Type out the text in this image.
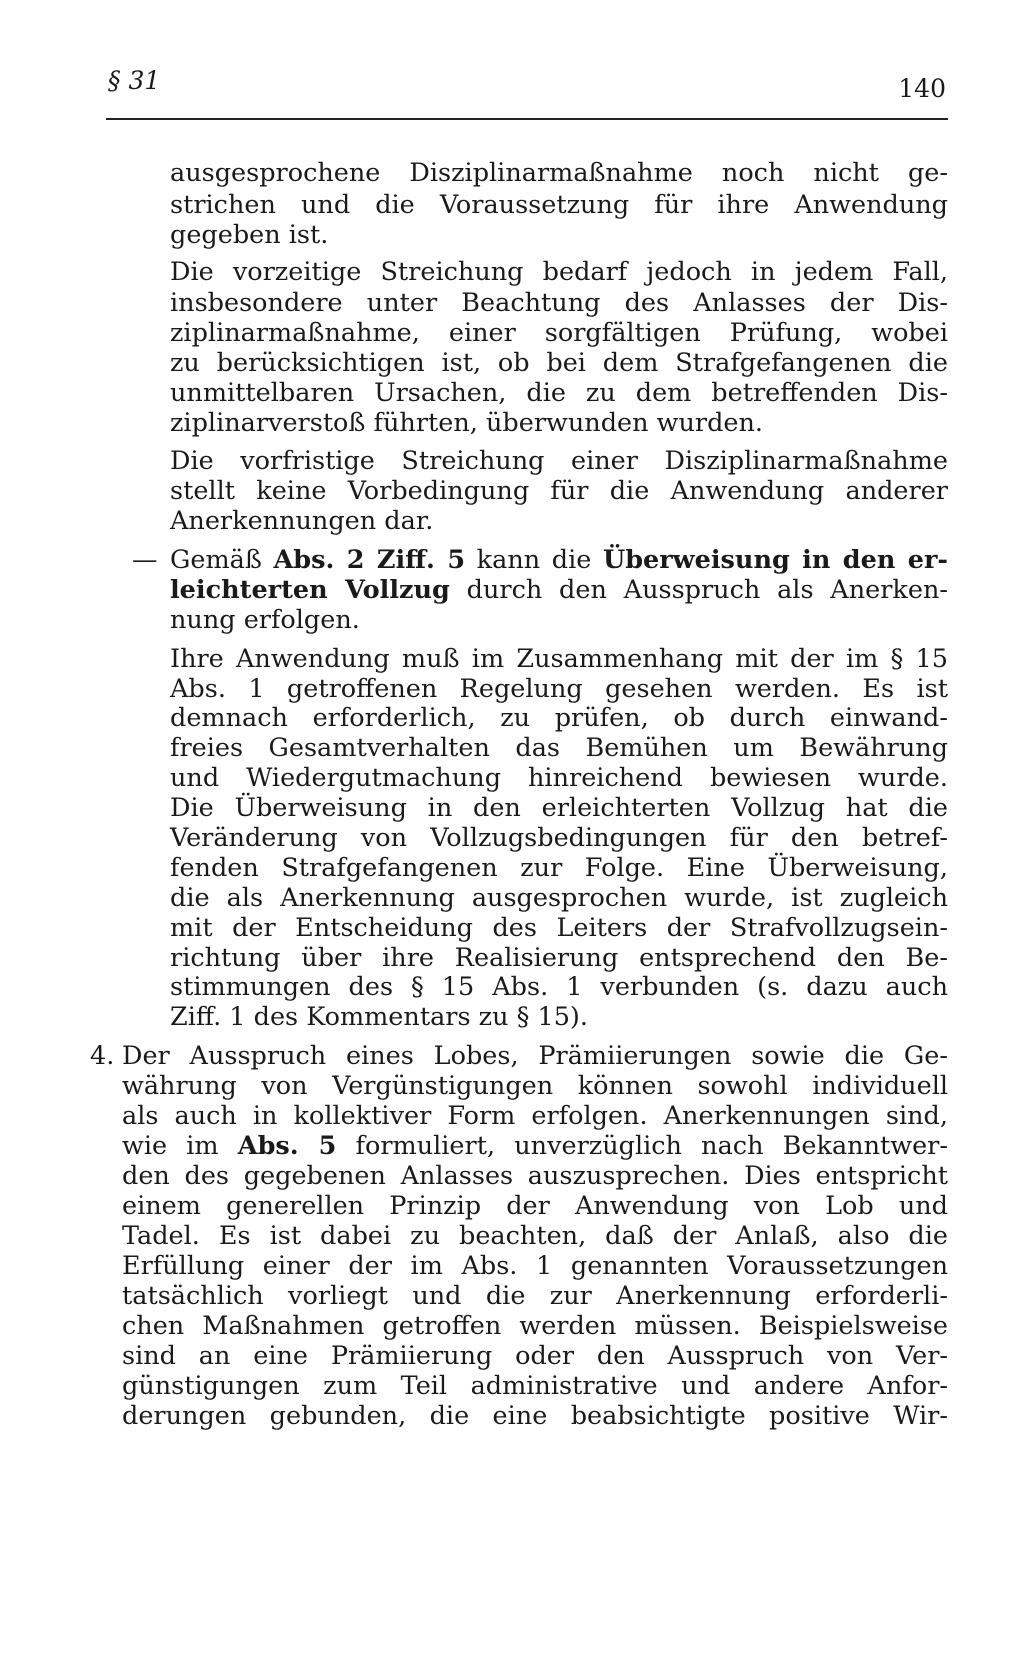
§ 31	140
—
4.
ausgesprochene Disziplinarmaßnahme noch nicht ge-
strichen und die Voraussetzung für ihre Anwendung
gegeben ist.
Die vorzeitige Streichung bedarf jedoch in jedem Fall,
insbesondere unter Beachtung des Anlasses der Dis-
ziplinarmaßnahme, einer sorgfältigen Prüfung, wobei
zu berücksichtigen ist, ob bei dem Strafgefangenen die
unmittelbaren Ursachen, die zu dem betreffenden Dis-
ziplinarverstoß führten, überwunden wurden.
Die vorfristige Streichung einer Disziplinarmaßnahme
stellt keine Vorbedingung für die Anwendung anderer
Anerkennungen dar.
Gemäß Abs. 2 Ziff. 5 kann die Überweisung in den er-
leichterten Vollzug durch den Ausspruch als Anerken-
nung erfolgen.
Ihre Anwendung muß im Zusammenhang mit der im § 15
Abs. 1 getroffenen Regelung gesehen werden. Es ist
demnach erforderlich, zu prüfen, ob durch einwand-
freies Gesamtverhalten das Bemühen um Bewährung
und Wiedergutmachung hinreichend bewiesen wurde.
Die Überweisung in den erleichterten Vollzug hat die
Veränderung von Vollzugsbedingungen für den betref-
fenden Strafgefangenen zur Folge. Eine Überweisung,
die als Anerkennung ausgesprochen wurde, ist zugleich
mit der Entscheidung des Leiters der Strafvollzugsein-
richtung über ihre Realisierung entsprechend den Be-
stimmungen des § 15 Abs. 1 verbunden (s. dazu auch
Ziff. 1 des Kommentars zu § 15).
Der Ausspruch eines Lobes, Prämiierungen sowie die Ge-
währung von Vergünstigungen können sowohl individuell
als auch in kollektiver Form erfolgen. Anerkennungen sind,
wie im Abs. 5 formuliert, unverzüglich nach Bekanntwer-
den des gegebenen Anlasses auszusprechen. Dies entspricht
einem generellen Prinzip der Anwendung von Lob und
Tadel. Es ist dabei zu beachten, daß der Anlaß, also die
Erfüllung einer der im Abs. 1 genannten Voraussetzungen
tatsächlich vorliegt und die zur Anerkennung erforderli-
chen Maßnahmen getroffen werden müssen. Beispielsweise
sind an eine Prämiierung oder den Ausspruch von Ver-
günstigungen zum Teil administrative und andere Anfor-
derungen gebunden, die eine beabsichtigte positive Wir-
